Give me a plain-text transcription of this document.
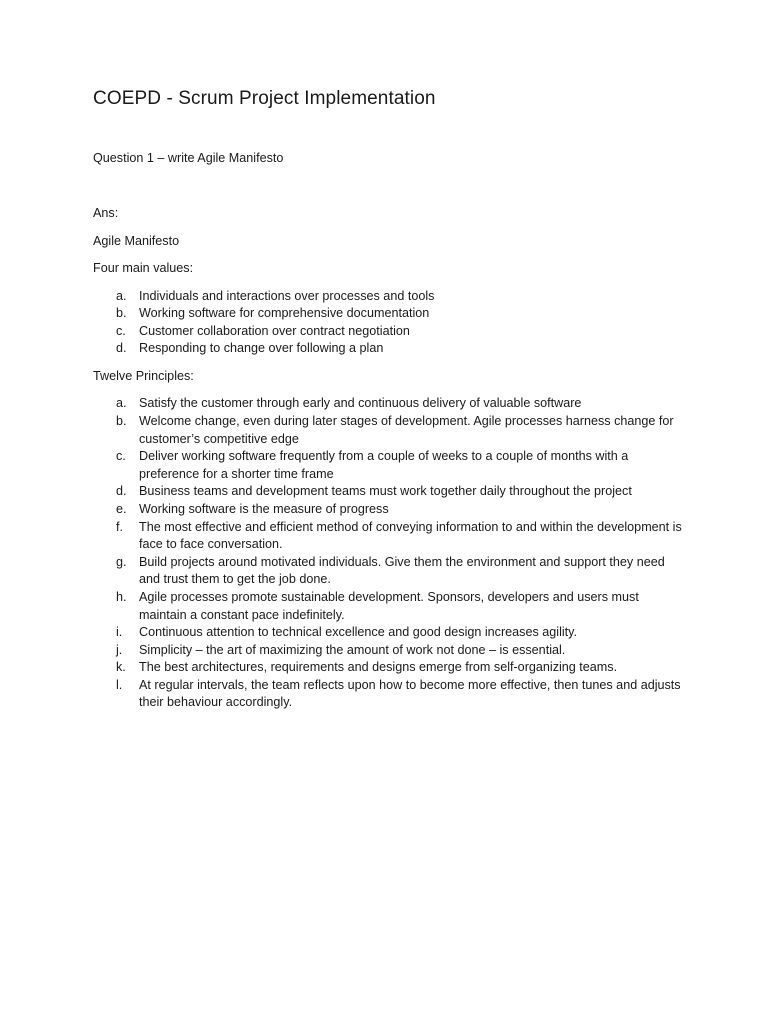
COEPD - Scrum Project Implementation
Question 1 – write Agile Manifesto

Ans:

Agile Manifesto

Four main values:

a. Individuals and interactions over processes and tools
b. Working software for comprehensive documentation
c. Customer collaboration over contract negotiation
d. Responding to change over following a plan

Twelve Principles:

a. Satisfy the customer through early and continuous delivery of valuable software
b. Welcome change, even during later stages of development. Agile processes harness change for customer’s competitive edge
c. Deliver working software frequently from a couple of weeks to a couple of months with a preference for a shorter time frame
d. Business teams and development teams must work together daily throughout the project
e. Working software is the measure of progress
f. The most effective and efficient method of conveying information to and within the development is face to face conversation.
g. Build projects around motivated individuals. Give them the environment and support they need and trust them to get the job done.
h. Agile processes promote sustainable development. Sponsors, developers and users must maintain a constant pace indefinitely.
i. Continuous attention to technical excellence and good design increases agility.
j. Simplicity – the art of maximizing the amount of work not done – is essential.
k. The best architectures, requirements and designs emerge from self-organizing teams.
l. At regular intervals, the team reflects upon how to become more effective, then tunes and adjusts their behaviour accordingly.
